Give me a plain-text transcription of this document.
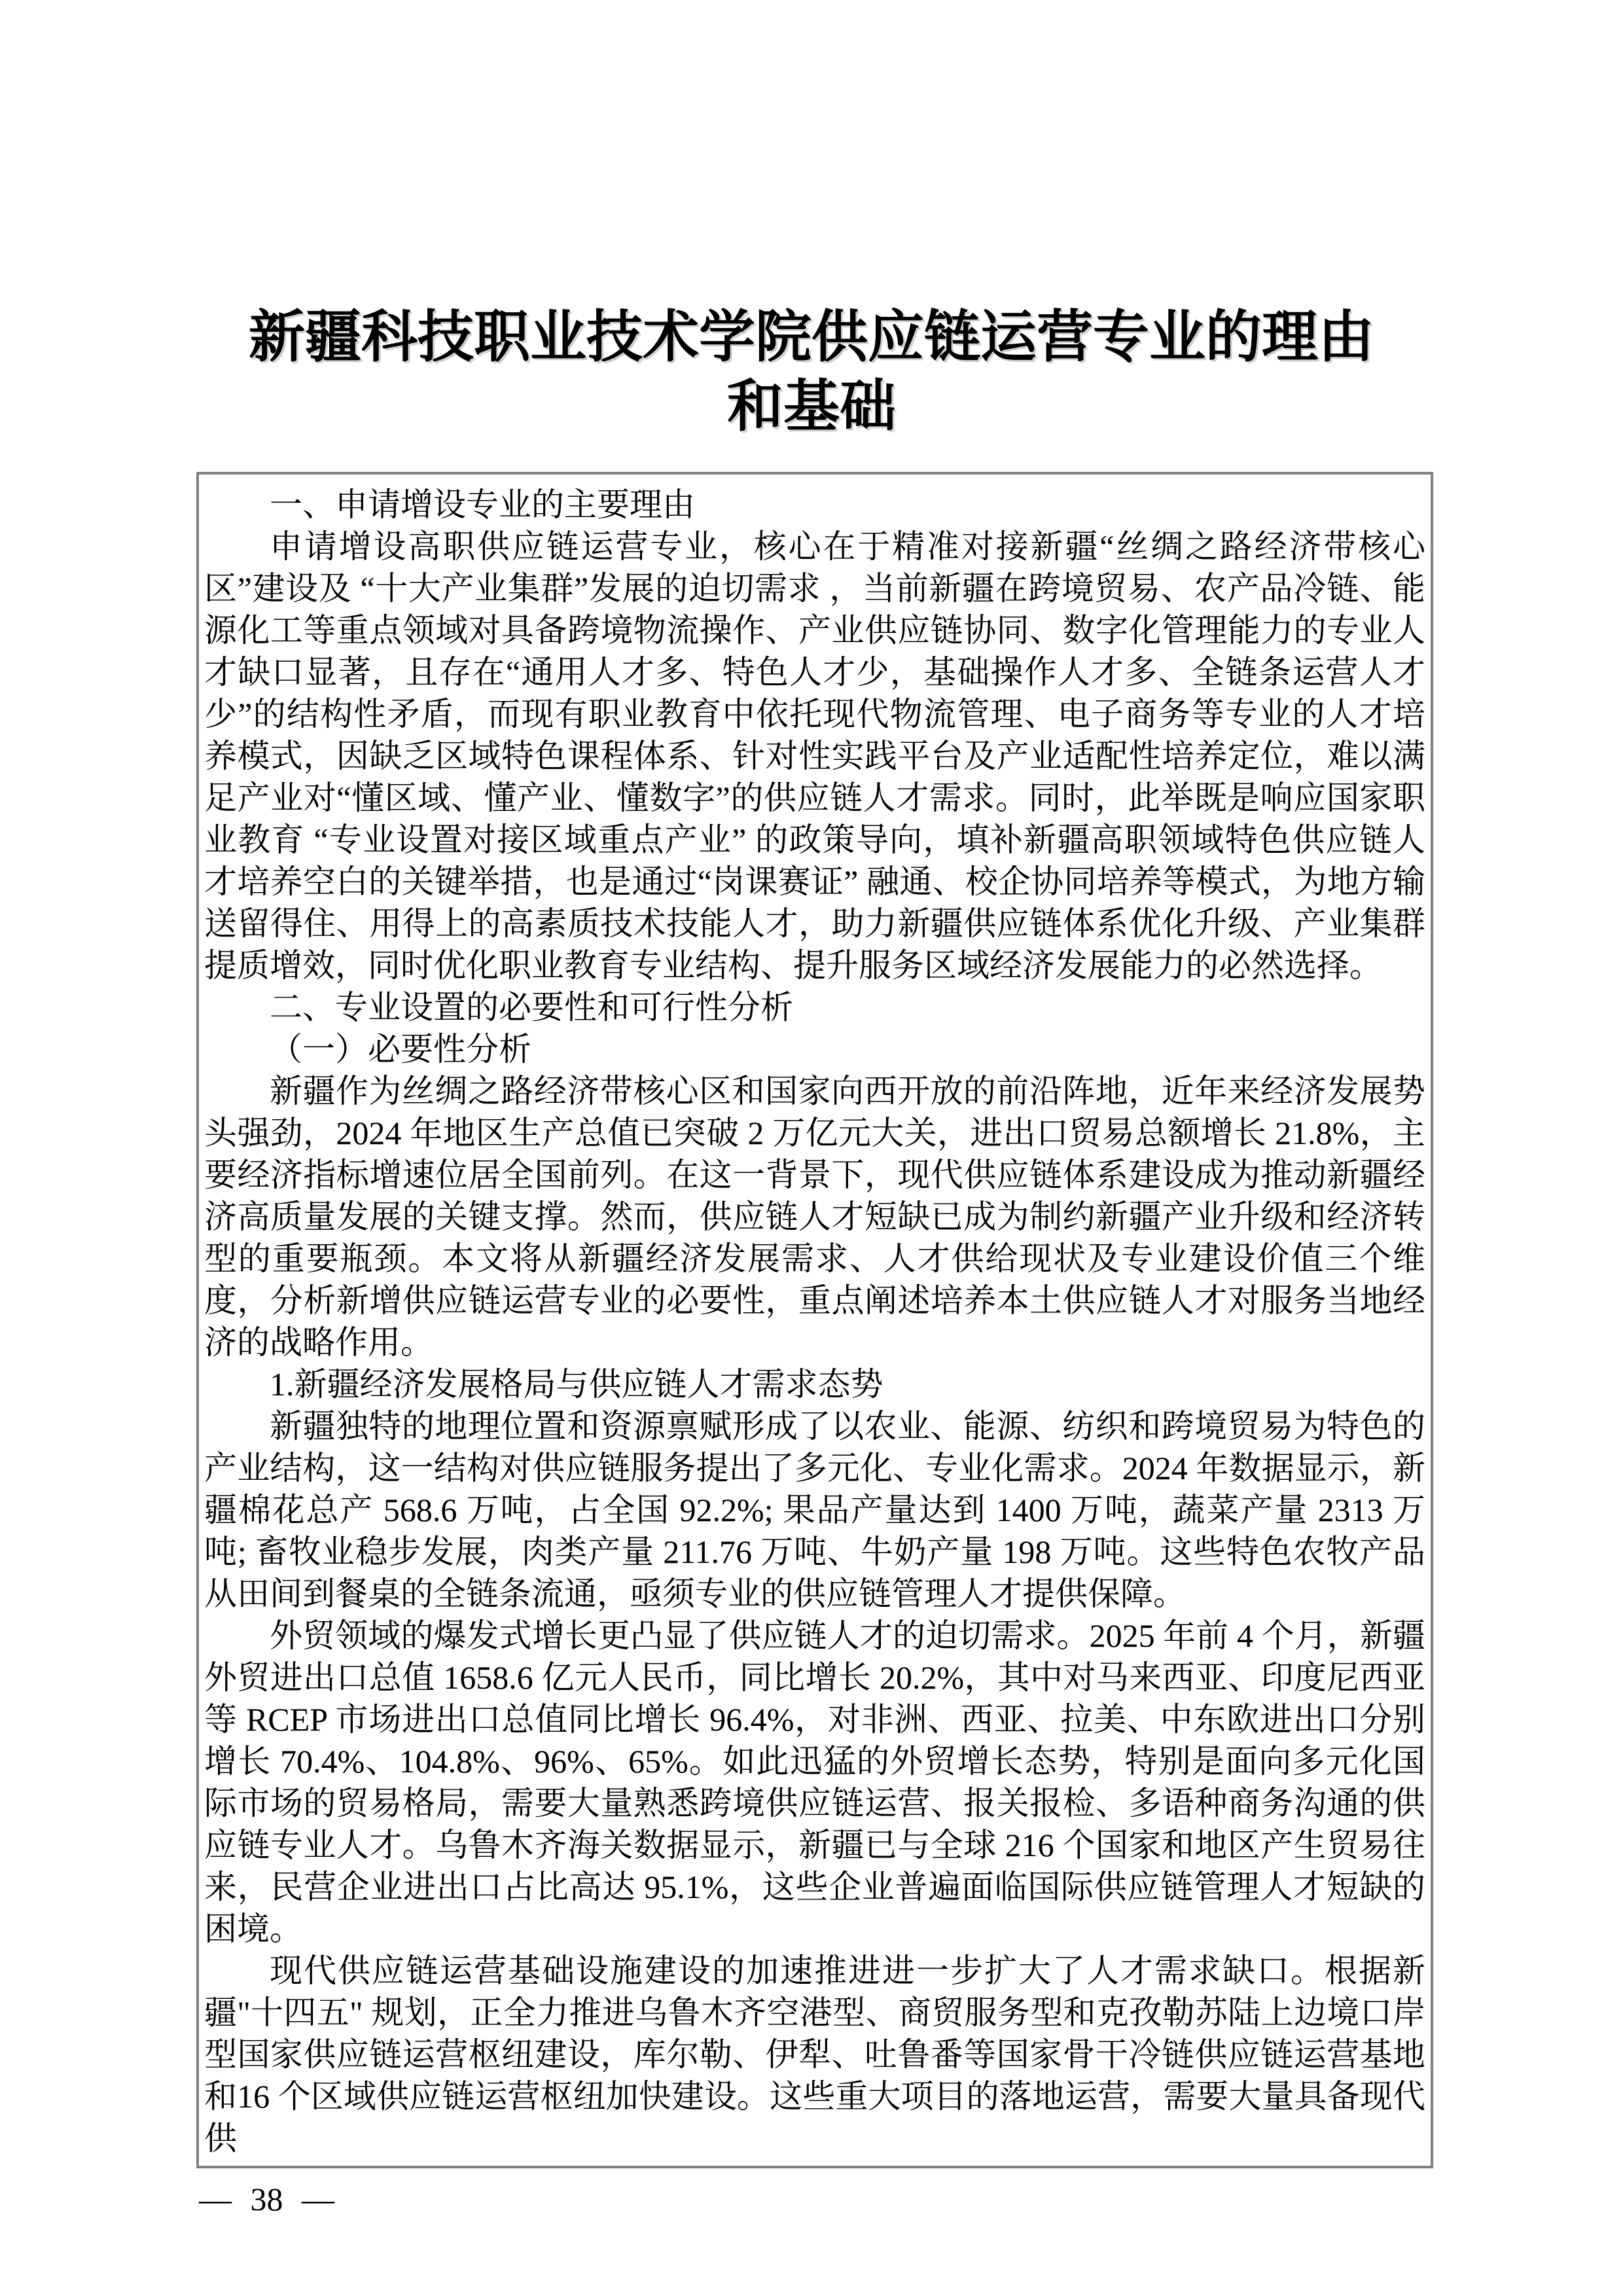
新疆科技职业技术学院供应链运营专业的理由
和基础

一、申请增设专业的主要理由

申请增设高职供应链运营专业，核心在于精准对接新疆“丝绸之路经济带核心区”建设及 “十大产业集群”发展的迫切需求 ，当前新疆在跨境贸易、农产品冷链、能源化工等重点领域对具备跨境物流操作、产业供应链协同、数字化管理能力的专业人才缺口显著，且存在“通用人才多、特色人才少，基础操作人才多、全链条运营人才少”的结构性矛盾，而现有职业教育中依托现代物流管理、电子商务等专业的人才培养模式，因缺乏区域特色课程体系、针对性实践平台及产业适配性培养定位，难以满足产业对“懂区域、懂产业、懂数字”的供应链人才需求。同时，此举既是响应国家职业教育 “专业设置对接区域重点产业” 的政策导向，填补新疆高职领域特色供应链人才培养空白的关键举措，也是通过“岗课赛证” 融通、校企协同培养等模式，为地方输送留得住、用得上的高素质技术技能人才，助力新疆供应链体系优化升级、产业集群提质增效，同时优化职业教育专业结构、提升服务区域经济发展能力的必然选择。

二、专业设置的必要性和可行性分析

（一）必要性分析

新疆作为丝绸之路经济带核心区和国家向西开放的前沿阵地，近年来经济发展势头强劲，2024 年地区生产总值已突破 2 万亿元大关，进出口贸易总额增长 21.8%，主要经济指标增速位居全国前列。在这一背景下，现代供应链体系建设成为推动新疆经济高质量发展的关键支撑。然而，供应链人才短缺已成为制约新疆产业升级和经济转型的重要瓶颈。本文将从新疆经济发展需求、人才供给现状及专业建设价值三个维度，分析新增供应链运营专业的必要性，重点阐述培养本土供应链人才对服务当地经济的战略作用。

1.新疆经济发展格局与供应链人才需求态势

新疆独特的地理位置和资源禀赋形成了以农业、能源、纺织和跨境贸易为特色的产业结构，这一结构对供应链服务提出了多元化、专业化需求。2024 年数据显示，新疆棉花总产 568.6 万吨，占全国 92.2%; 果品产量达到 1400 万吨，蔬菜产量 2313 万吨; 畜牧业稳步发展，肉类产量 211.76 万吨、牛奶产量 198 万吨。这些特色农牧产品从田间到餐桌的全链条流通，亟须专业的供应链管理人才提供保障。

外贸领域的爆发式增长更凸显了供应链人才的迫切需求。2025 年前 4 个月，新疆外贸进出口总值 1658.6 亿元人民币，同比增长 20.2%，其中对马来西亚、印度尼西亚等 RCEP 市场进出口总值同比增长 96.4%，对非洲、西亚、拉美、中东欧进出口分别增长 70.4%、104.8%、96%、65%。如此迅猛的外贸增长态势，特别是面向多元化国际市场的贸易格局，需要大量熟悉跨境供应链运营、报关报检、多语种商务沟通的供应链专业人才。乌鲁木齐海关数据显示，新疆已与全球 216 个国家和地区产生贸易往来，民营企业进出口占比高达 95.1%，这些企业普遍面临国际供应链管理人才短缺的困境。

现代供应链运营基础设施建设的加速推进进一步扩大了人才需求缺口。根据新疆"十四五" 规划，正全力推进乌鲁木齐空港型、商贸服务型和克孜勒苏陆上边境口岸型国家供应链运营枢纽建设，库尔勒、伊犁、吐鲁番等国家骨干冷链供应链运营基地和16 个区域供应链运营枢纽加快建设。这些重大项目的落地运营，需要大量具备现代供

— 38 —
